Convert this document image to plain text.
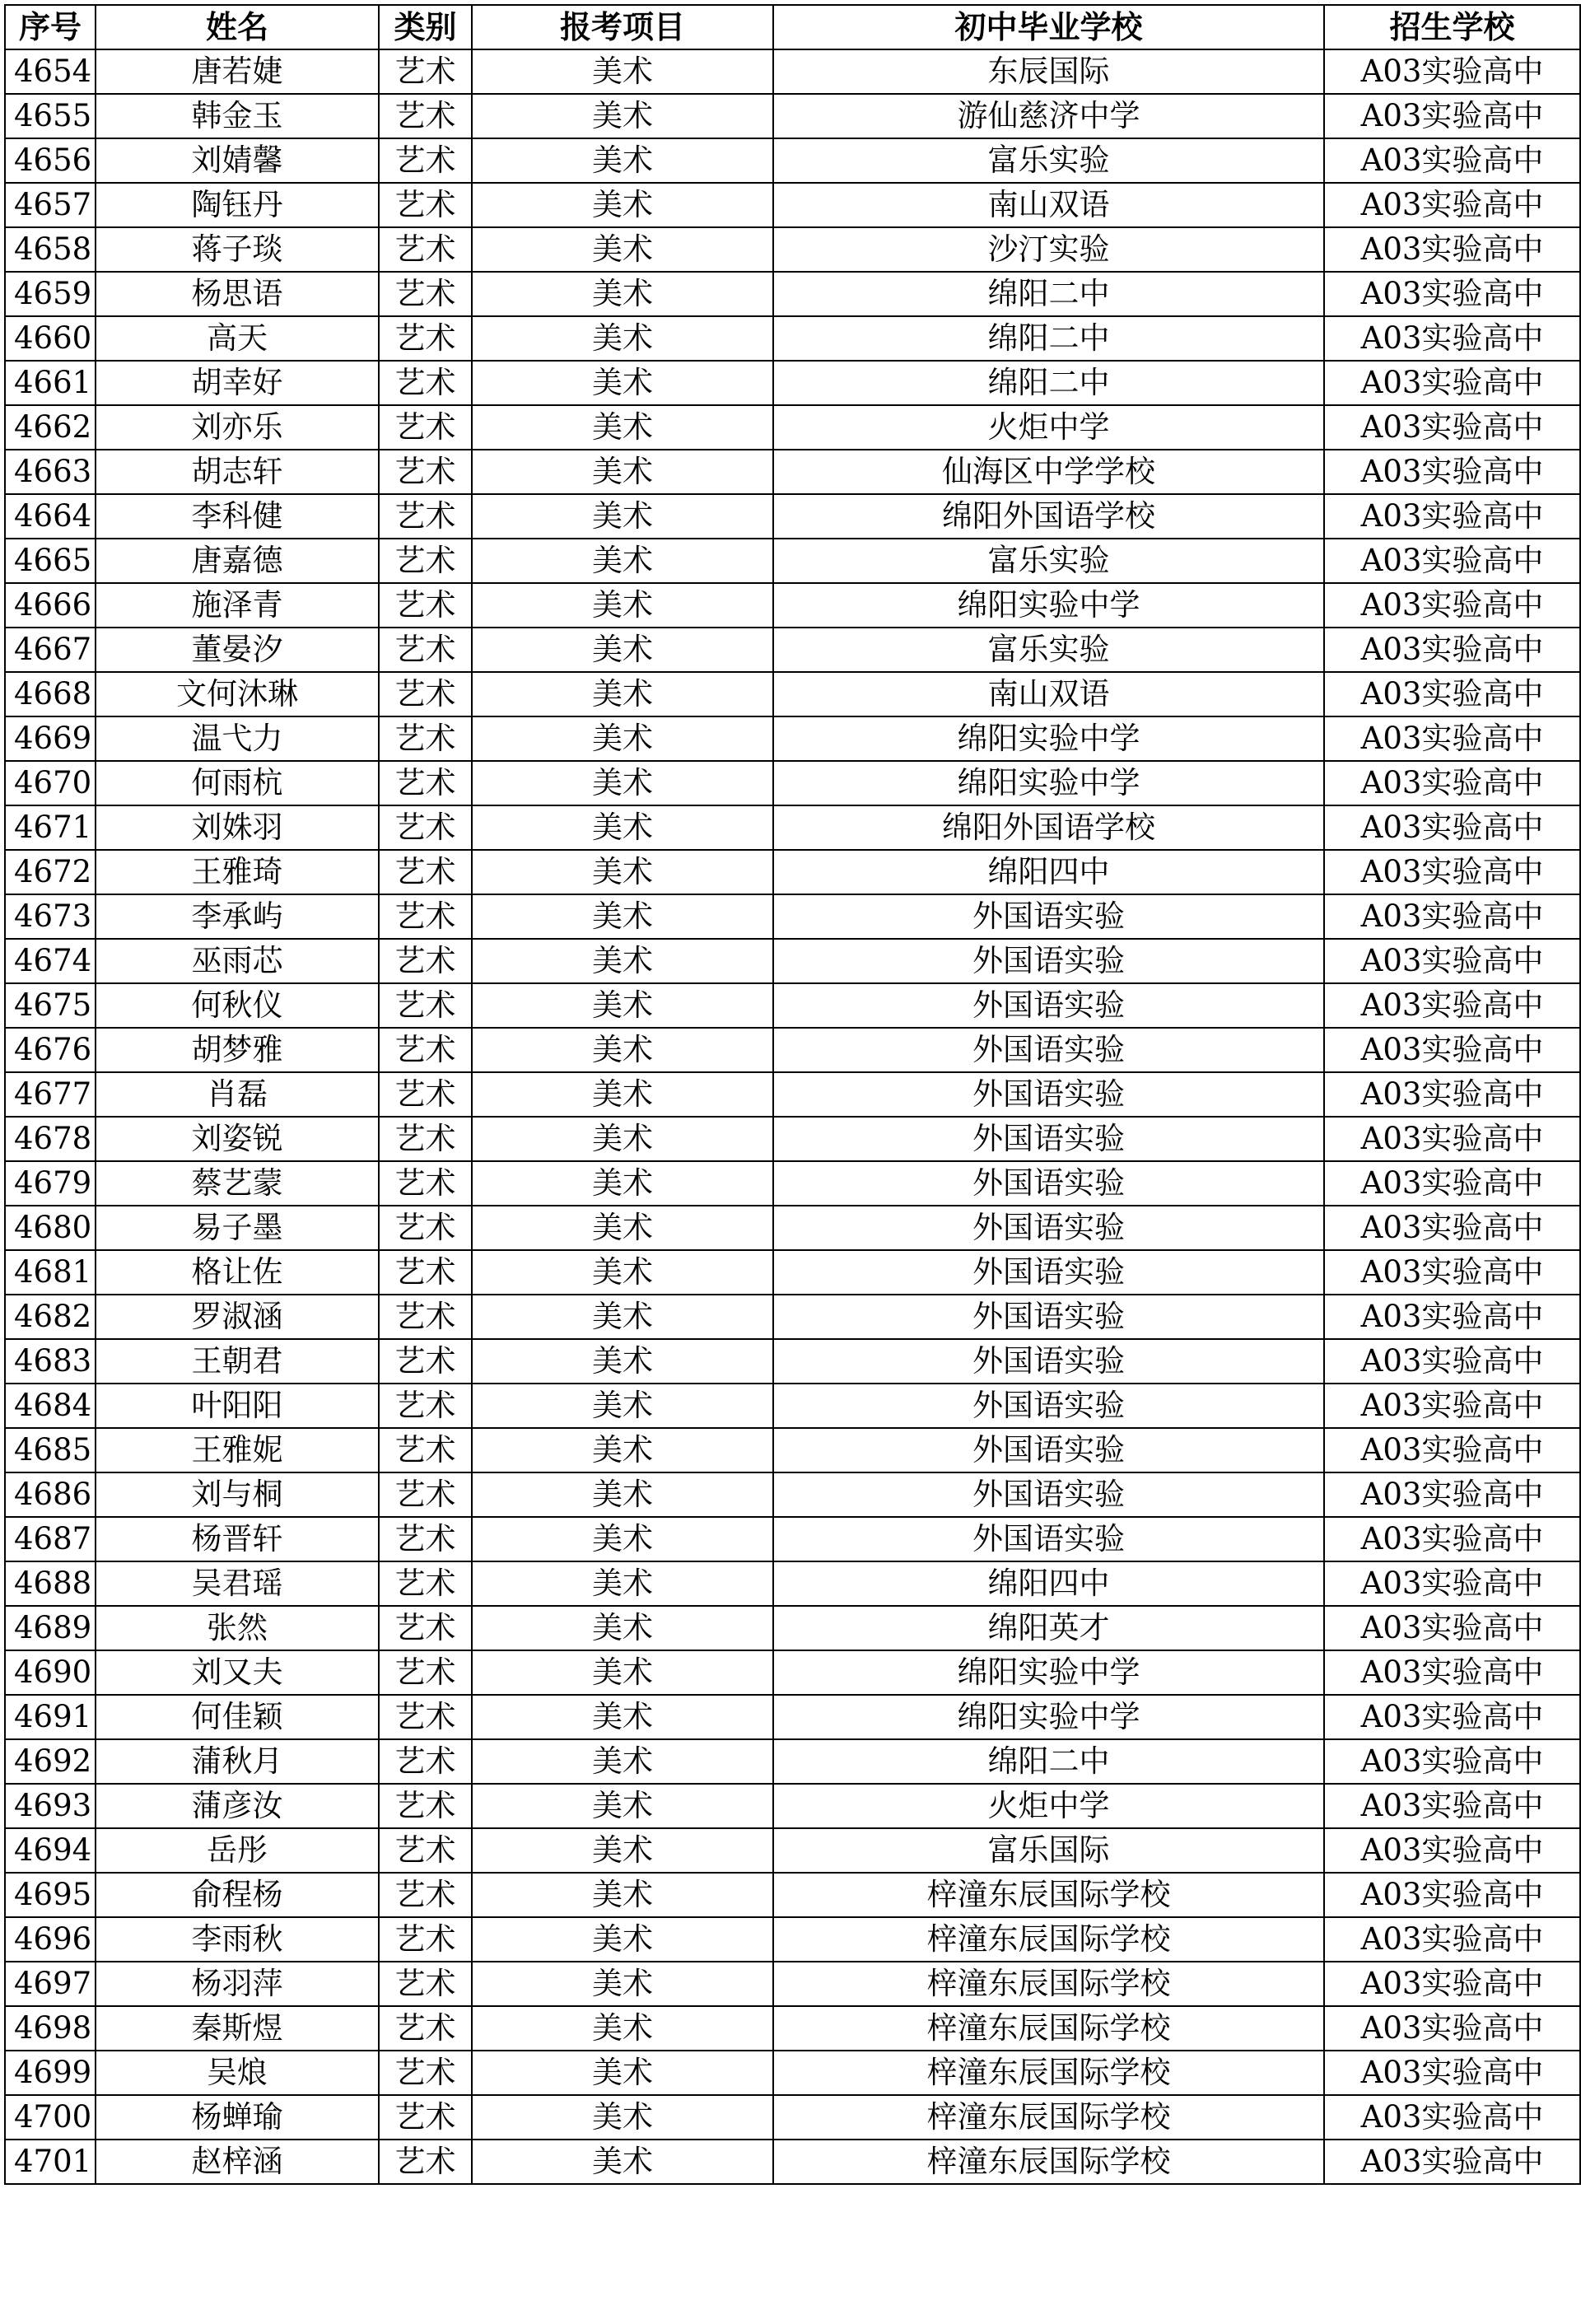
序号	姓名	类别	报考项目	初中毕业学校	招生学校
4654	唐若婕	艺术	美术	东辰国际	A03实验高中
4655	韩金玉	艺术	美术	游仙慈济中学	A03实验高中
4656	刘婧馨	艺术	美术	富乐实验	A03实验高中
4657	陶钰丹	艺术	美术	南山双语	A03实验高中
4658	蒋子琰	艺术	美术	沙汀实验	A03实验高中
4659	杨思语	艺术	美术	绵阳二中	A03实验高中
4660	高天	艺术	美术	绵阳二中	A03实验高中
4661	胡幸好	艺术	美术	绵阳二中	A03实验高中
4662	刘亦乐	艺术	美术	火炬中学	A03实验高中
4663	胡志轩	艺术	美术	仙海区中学学校	A03实验高中
4664	李科健	艺术	美术	绵阳外国语学校	A03实验高中
4665	唐嘉德	艺术	美术	富乐实验	A03实验高中
4666	施泽青	艺术	美术	绵阳实验中学	A03实验高中
4667	董晏汐	艺术	美术	富乐实验	A03实验高中
4668	文何沐琳	艺术	美术	南山双语	A03实验高中
4669	温弋力	艺术	美术	绵阳实验中学	A03实验高中
4670	何雨杭	艺术	美术	绵阳实验中学	A03实验高中
4671	刘姝羽	艺术	美术	绵阳外国语学校	A03实验高中
4672	王雅琦	艺术	美术	绵阳四中	A03实验高中
4673	李承屿	艺术	美术	外国语实验	A03实验高中
4674	巫雨芯	艺术	美术	外国语实验	A03实验高中
4675	何秋仪	艺术	美术	外国语实验	A03实验高中
4676	胡梦雅	艺术	美术	外国语实验	A03实验高中
4677	肖磊	艺术	美术	外国语实验	A03实验高中
4678	刘姿锐	艺术	美术	外国语实验	A03实验高中
4679	蔡艺蒙	艺术	美术	外国语实验	A03实验高中
4680	易子墨	艺术	美术	外国语实验	A03实验高中
4681	格让佐	艺术	美术	外国语实验	A03实验高中
4682	罗淑涵	艺术	美术	外国语实验	A03实验高中
4683	王朝君	艺术	美术	外国语实验	A03实验高中
4684	叶阳阳	艺术	美术	外国语实验	A03实验高中
4685	王雅妮	艺术	美术	外国语实验	A03实验高中
4686	刘与桐	艺术	美术	外国语实验	A03实验高中
4687	杨晋轩	艺术	美术	外国语实验	A03实验高中
4688	吴君瑶	艺术	美术	绵阳四中	A03实验高中
4689	张然	艺术	美术	绵阳英才	A03实验高中
4690	刘又夫	艺术	美术	绵阳实验中学	A03实验高中
4691	何佳颖	艺术	美术	绵阳实验中学	A03实验高中
4692	蒲秋月	艺术	美术	绵阳二中	A03实验高中
4693	蒲彦汝	艺术	美术	火炬中学	A03实验高中
4694	岳彤	艺术	美术	富乐国际	A03实验高中
4695	俞程杨	艺术	美术	梓潼东辰国际学校	A03实验高中
4696	李雨秋	艺术	美术	梓潼东辰国际学校	A03实验高中
4697	杨羽萍	艺术	美术	梓潼东辰国际学校	A03实验高中
4698	秦斯煜	艺术	美术	梓潼东辰国际学校	A03实验高中
4699	吴烺	艺术	美术	梓潼东辰国际学校	A03实验高中
4700	杨蝉瑜	艺术	美术	梓潼东辰国际学校	A03实验高中
4701	赵梓涵	艺术	美术	梓潼东辰国际学校	A03实验高中
